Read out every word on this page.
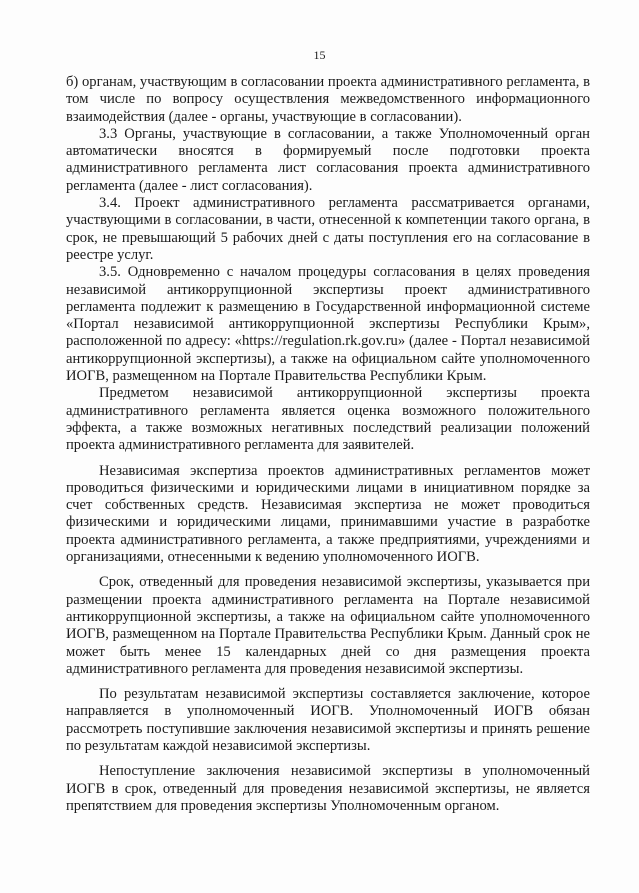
15

б) органам, участвующим в согласовании проекта административного регламента, в том числе по вопросу осуществления межведомственного информационного взаимодействия (далее - органы, участвующие в согласовании).

3.3 Органы, участвующие в согласовании, а также Уполномоченный орган автоматически вносятся в формируемый после подготовки проекта административного регламента лист согласования проекта административного регламента (далее - лист согласования).

3.4. Проект административного регламента рассматривается органами, участвующими в согласовании, в части, отнесенной к компетенции такого органа, в срок, не превышающий 5 рабочих дней с даты поступления его на согласование в реестре услуг.

3.5. Одновременно с началом процедуры согласования в целях проведения независимой антикоррупционной экспертизы проект административного регламента подлежит к размещению в Государственной информационной системе «Портал независимой антикоррупционной экспертизы Республики Крым», расположенной по адресу: «https://regulation.rk.gov.ru» (далее - Портал независимой антикоррупционной экспертизы), а также на официальном сайте уполномоченного ИОГВ, размещенном на Портале Правительства Республики Крым.

Предметом независимой антикоррупционной экспертизы проекта административного регламента является оценка возможного положительного эффекта, а также возможных негативных последствий реализации положений проекта административного регламента для заявителей.

Независимая экспертиза проектов административных регламентов может проводиться физическими и юридическими лицами в инициативном порядке за счет собственных средств. Независимая экспертиза не может проводиться физическими и юридическими лицами, принимавшими участие в разработке проекта административного регламента, а также предприятиями, учреждениями и организациями, отнесенными к ведению уполномоченного ИОГВ.

Срок, отведенный для проведения независимой экспертизы, указывается при размещении проекта административного регламента на Портале независимой антикоррупционной экспертизы, а также на официальном сайте уполномоченного ИОГВ, размещенном на Портале Правительства Республики Крым. Данный срок не может быть менее 15 календарных дней со дня размещения проекта административного регламента для проведения независимой экспертизы.

По результатам независимой экспертизы составляется заключение, которое направляется в уполномоченный ИОГВ. Уполномоченный ИОГВ обязан рассмотреть поступившие заключения независимой экспертизы и принять решение по результатам каждой независимой экспертизы.

Непоступление заключения независимой экспертизы в уполномоченный ИОГВ в срок, отведенный для проведения независимой экспертизы, не является препятствием для проведения экспертизы Уполномоченным органом.
